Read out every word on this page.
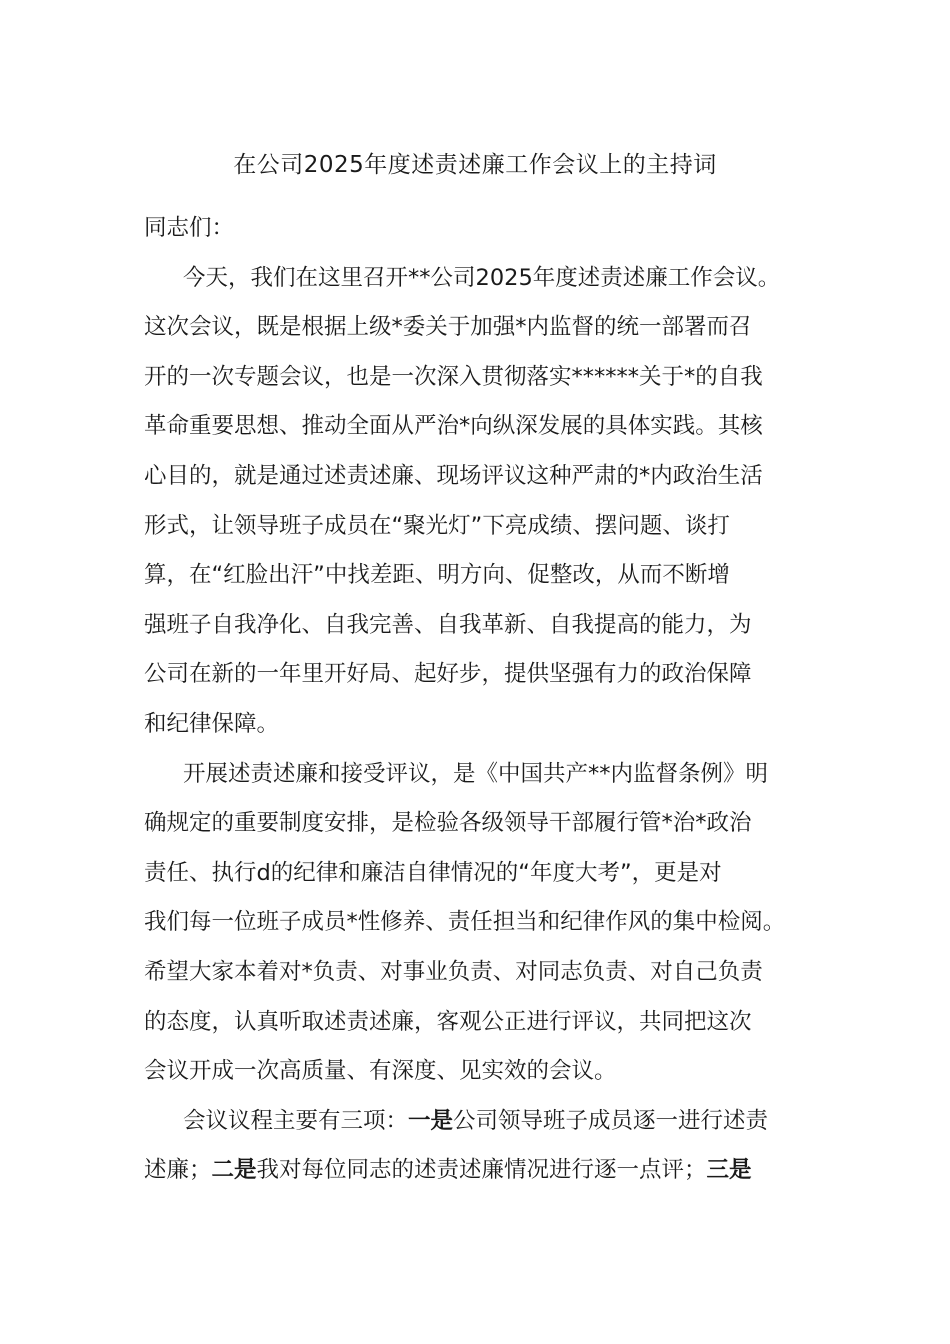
在公司2025年度述责述廉工作会议上的主持词
同志们：
今天，我们在这里召开**公司2025年度述责述廉工作会议。
这次会议，既是根据上级*委关于加强*内监督的统一部署而召
开的一次专题会议，也是一次深入贯彻落实******关于*的自我
革命重要思想、推动全面从严治*向纵深发展的具体实践。其核
心目的，就是通过述责述廉、现场评议这种严肃的*内政治生活
形式，让领导班子成员在“聚光灯”下亮成绩、摆问题、谈打
算，在“红脸出汗”中找差距、明方向、促整改，从而不断增
强班子自我净化、自我完善、自我革新、自我提高的能力，为
公司在新的一年里开好局、起好步，提供坚强有力的政治保障
和纪律保障。
开展述责述廉和接受评议，是《中国共产**内监督条例》明
确规定的重要制度安排，是检验各级领导干部履行管*治*政治
责任、执行d的纪律和廉洁自律情况的“年度大考”，更是对
我们每一位班子成员*性修养、责任担当和纪律作风的集中检阅。
希望大家本着对*负责、对事业负责、对同志负责、对自己负责
的态度，认真听取述责述廉，客观公正进行评议，共同把这次
会议开成一次高质量、有深度、见实效的会议。
会议议程主要有三项：一是公司领导班子成员逐一进行述责
述廉；二是我对每位同志的述责述廉情况进行逐一点评；三是
